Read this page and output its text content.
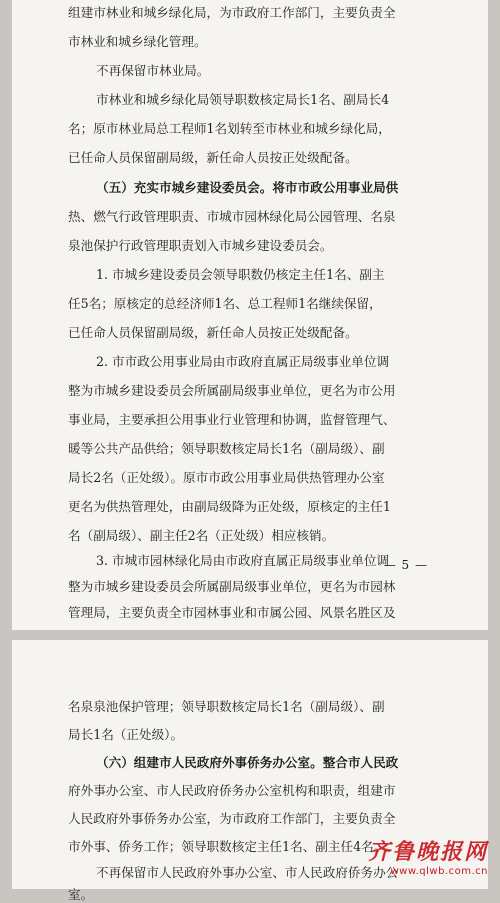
组建市林业和城乡绿化局，为市政府工作部门，主要负责全
市林业和城乡绿化管理。
不再保留市林业局。
市林业和城乡绿化局领导职数核定局长1名、副局长4
名；原市林业局总工程师1名划转至市林业和城乡绿化局，
已任命人员保留副局级，新任命人员按正处级配备。
（五）充实市城乡建设委员会。将市市政公用事业局供
热、燃气行政管理职责、市城市园林绿化局公园管理、名泉
泉池保护行政管理职责划入市城乡建设委员会。
1. 市城乡建设委员会领导职数仍核定主任1名、副主
任5名；原核定的总经济师1名、总工程师1名继续保留，
已任命人员保留副局级，新任命人员按正处级配备。
2. 市市政公用事业局由市政府直属正局级事业单位调
整为市城乡建设委员会所属副局级事业单位，更名为市公用
事业局，主要承担公用事业行业管理和协调，监督管理气、
暖等公共产品供给；领导职数核定局长1名（副局级）、副
局长2名（正处级）。原市市政公用事业局供热管理办公室
更名为供热管理处，由副局级降为正处级，原核定的主任1
名（副局级）、副主任2名（正处级）相应核销。
3. 市城市园林绿化局由市政府直属正局级事业单位调
整为市城乡建设委员会所属副局级事业单位，更名为市园林
管理局，主要负责全市园林事业和市属公园、风景名胜区及
— 5 —
名泉泉池保护管理；领导职数核定局长1名（副局级）、副
局长1名（正处级）。
（六）组建市人民政府外事侨务办公室。整合市人民政
府外事办公室、市人民政府侨务办公室机构和职责，组建市
人民政府外事侨务办公室，为市政府工作部门，主要负责全
市外事、侨务工作；领导职数核定主任1名、副主任4名。
不再保留市人民政府外事办公室、市人民政府侨务办公
室。
齐鲁晚报网
www.qlwb.com.cn
